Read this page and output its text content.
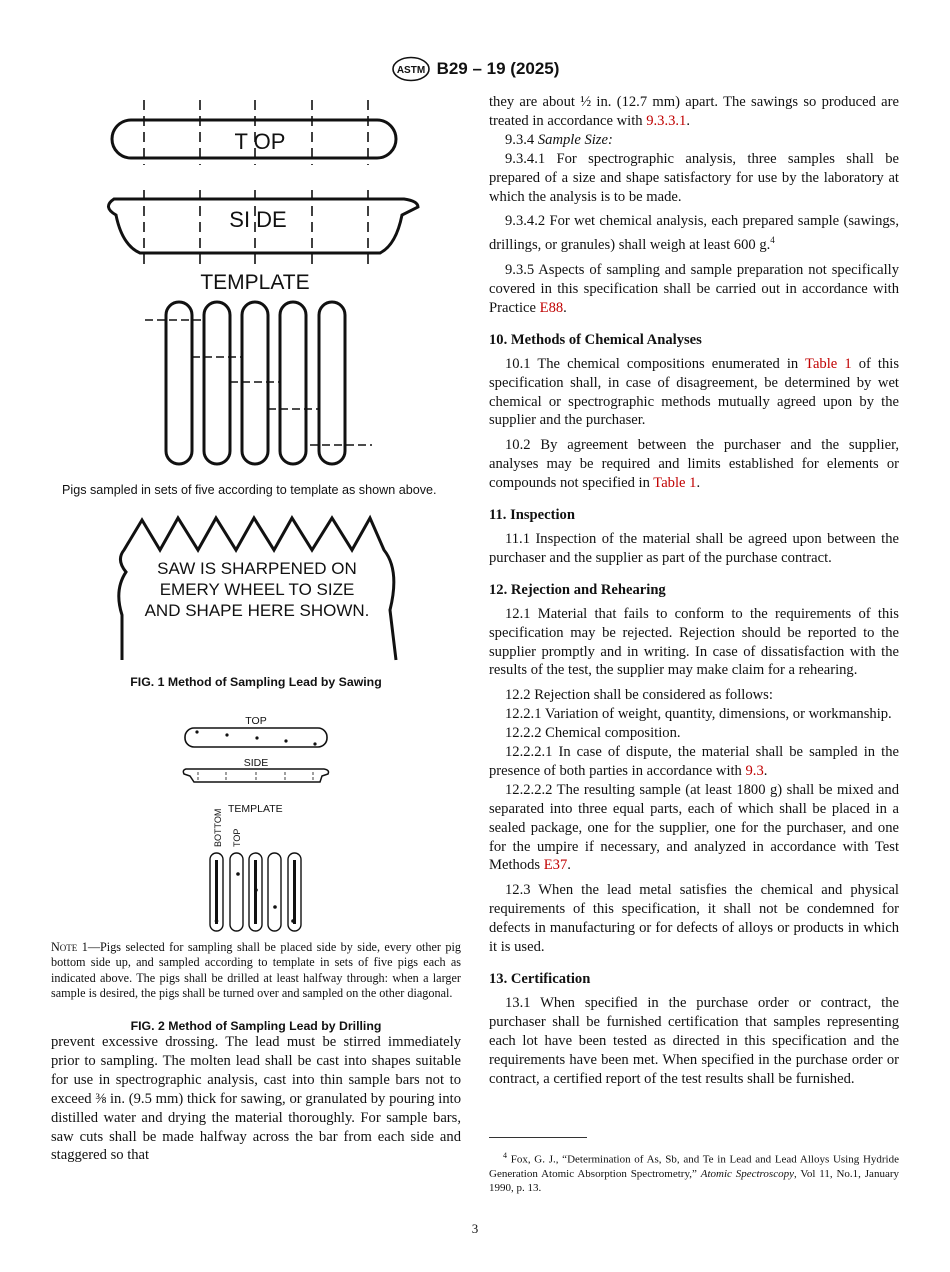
ASTM B29 – 19 (2025)
T OP
SI DE
TEMPLATE
Pigs sampled in sets of five according to template as shown above.
SAW IS SHARPENED ON
EMERY WHEEL TO SIZE
AND SHAPE HERE SHOWN.
FIG. 1 Method of Sampling Lead by Sawing
TOP
SIDE
TEMPLATE
BOTTOM TOP
Note 1—Pigs selected for sampling shall be placed side by side, every other pig bottom side up, and sampled according to template in sets of five pigs each as indicated above. The pigs shall be drilled at least halfway through: when a larger sample is desired, the pigs shall be turned over and sampled on the other diagonal.
FIG. 2 Method of Sampling Lead by Drilling

prevent excessive drossing. The lead must be stirred immediately prior to sampling. The molten lead shall be cast into shapes suitable for use in spectrographic analysis, cast into thin sample bars not to exceed ⅜ in. (9.5 mm) thick for sawing, or granulated by pouring into distilled water and drying the material thoroughly. For sample bars, saw cuts shall be made halfway across the bar from each side and staggered so that

they are about ½ in. (12.7 mm) apart. The sawings so produced are treated in accordance with 9.3.3.1.

9.3.4 Sample Size:

9.3.4.1 For spectrographic analysis, three samples shall be prepared of a size and shape satisfactory for use by the laboratory at which the analysis is to be made.

9.3.4.2 For wet chemical analysis, each prepared sample (sawings, drillings, or granules) shall weigh at least 600 g.$^4$

9.3.5 Aspects of sampling and sample preparation not specifically covered in this specification shall be carried out in accordance with Practice E88.

10. Methods of Chemical Analyses

10.1 The chemical compositions enumerated in Table 1 of this specification shall, in case of disagreement, be determined by wet chemical or spectrographic methods mutually agreed upon by the supplier and the purchaser.

10.2 By agreement between the purchaser and the supplier, analyses may be required and limits established for elements or compounds not specified in Table 1.

11. Inspection

11.1 Inspection of the material shall be agreed upon between the purchaser and the supplier as part of the purchase contract.

12. Rejection and Rehearing

12.1 Material that fails to conform to the requirements of this specification may be rejected. Rejection should be reported to the supplier promptly and in writing. In case of dissatisfaction with the results of the test, the supplier may make claim for a rehearing.

12.2 Rejection shall be considered as follows:

12.2.1 Variation of weight, quantity, dimensions, or workmanship.

12.2.2 Chemical composition.

12.2.2.1 In case of dispute, the material shall be sampled in the presence of both parties in accordance with 9.3.

12.2.2.2 The resulting sample (at least 1800 g) shall be mixed and separated into three equal parts, each of which shall be placed in a sealed package, one for the supplier, one for the purchaser, and one for the umpire if necessary, and analyzed in accordance with Test Methods E37.

12.3 When the lead metal satisfies the chemical and physical requirements of this specification, it shall not be condemned for defects in manufacturing or for defects of alloys or products in which it is used.

13. Certification

13.1 When specified in the purchase order or contract, the purchaser shall be furnished certification that samples representing each lot have been tested as directed in this specification and the requirements have been met. When specified in the purchase order or contract, a certified report of the test results shall be furnished.

$^4$ Fox, G. J., “Determination of As, Sb, and Te in Lead and Lead Alloys Using Hydride Generation Atomic Absorption Spectrometry,” Atomic Spectroscopy, Vol 11, No.1, January 1990, p. 13.
3
